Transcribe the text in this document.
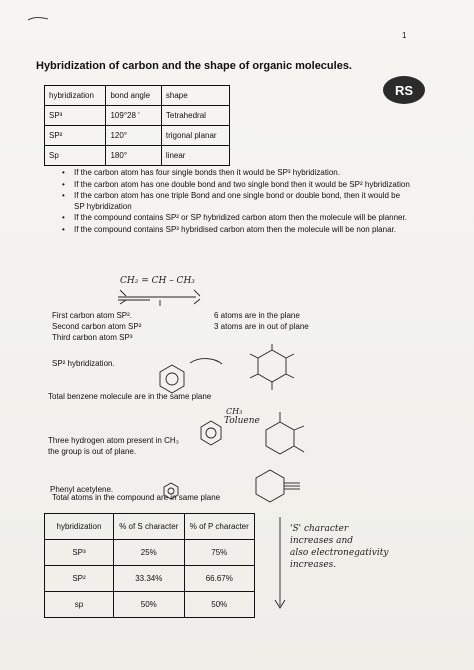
1
Hybridization of carbon and the shape of organic molecules.
RS
hybridization	bond angle	shape
SP³	109°28 ʹ	Tetrahedral
SP²	120°	trigonal planar
Sp	180°	linear
• If the carbon atom has four single bonds then it would be SP³ hybridization.
• If the carbon atom has one double bond and two single bond then it would be SP² hybridization
• If the carbon atom has one triple Bond and one single bond or double bond, then it would be SP hybridization
• If the compound contains SP² or SP hybridized carbon atom then the molecule will be planner.
• If the compound contains SP³ hybridised carbon atom then the molecule will be non planar.
CH₂ = CH – CH₃
Toluene
CH₃
First carbon atom SP².
Second carbon atom SP²
Third carbon atom SP³
6 atoms are in the plane
3 atoms are in out of plane
SP² hybridization.
Total benzene molecule are in the same plane
Three hydrogen atom present in CH₃
the group is out of plane.
Phenyl acetylene.
Total atoms in the compound are in same plane
hybridization	% of S character	% of P character
SP³	25%	75%
SP²	33.34%	66.67%
sp	50%	50%
'S' character
increases and
also electronegativity
increases.
